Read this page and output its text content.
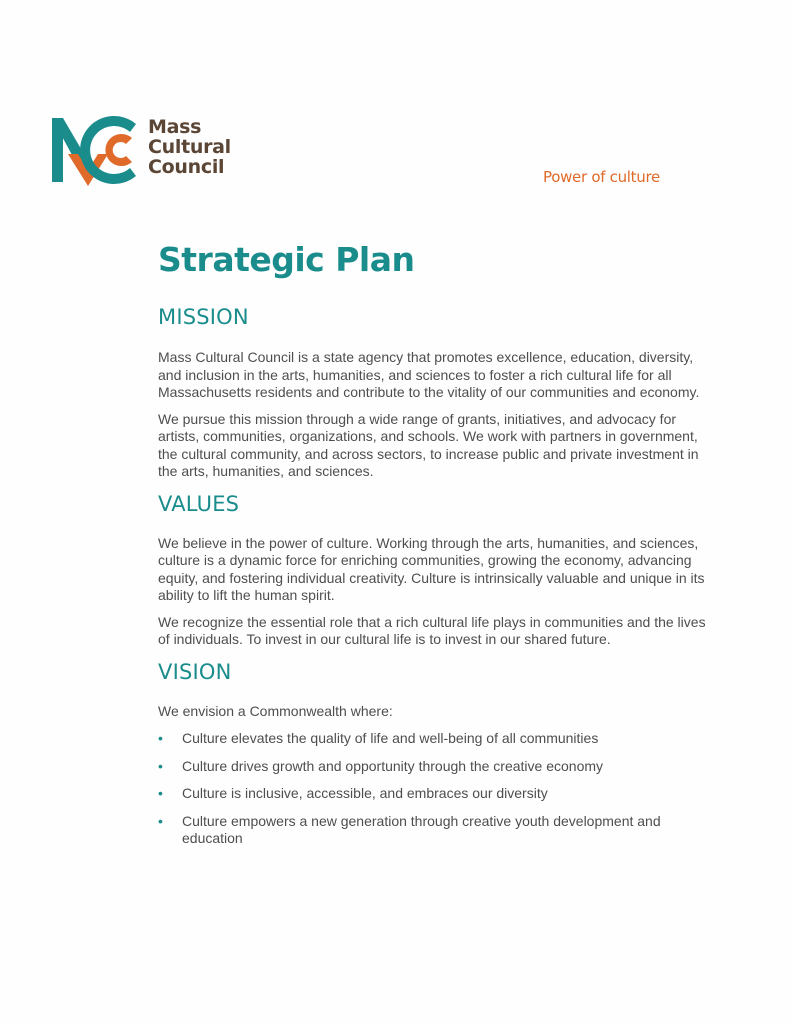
Mass
Cultural
Council	Power of culture
Strategic Plan
MISSION

Mass Cultural Council is a state agency that promotes excellence, education, diversity, and inclusion in the arts, humanities, and sciences to foster a rich cultural life for all Massachusetts residents and contribute to the vitality of our communities and economy.

We pursue this mission through a wide range of grants, initiatives, and advocacy for artists, communities, organizations, and schools. We work with partners in government, the cultural community, and across sectors, to increase public and private investment in the arts, humanities, and sciences.

VALUES

We believe in the power of culture. Working through the arts, humanities, and sciences, culture is a dynamic force for enriching communities, growing the economy, advancing equity, and fostering individual creativity. Culture is intrinsically valuable and unique in its ability to lift the human spirit.

We recognize the essential role that a rich cultural life plays in communities and the lives of individuals. To invest in our cultural life is to invest in our shared future.

VISION

We envision a Commonwealth where:

• Culture elevates the quality of life and well-being of all communities
• Culture drives growth and opportunity through the creative economy
• Culture is inclusive, accessible, and embraces our diversity
• Culture empowers a new generation through creative youth development and education
